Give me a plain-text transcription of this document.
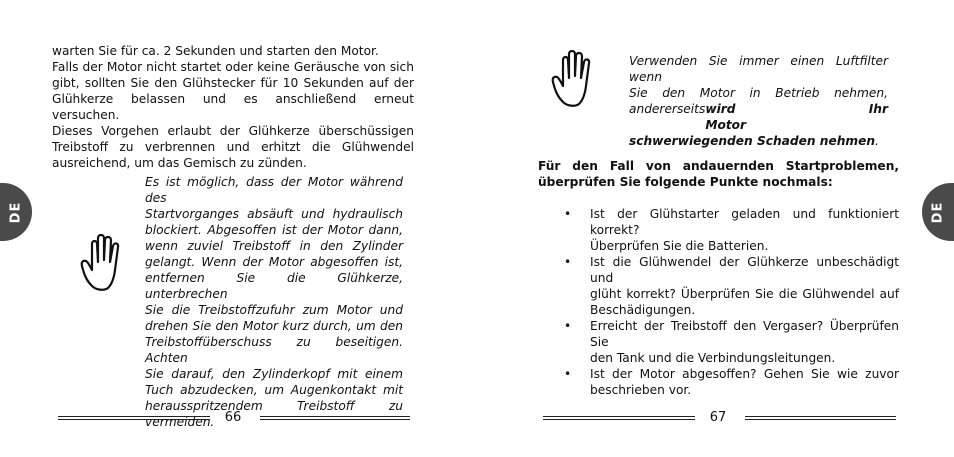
warten Sie für ca. 2 Sekunden und starten den Motor.
Falls der Motor nicht startet oder keine Geräusche von sich
gibt, sollten Sie den Glühstecker für 10 Sekunden auf der
Glühkerze belassen und es anschließend erneut versuchen.
Dieses Vorgehen erlaubt der Glühkerze überschüssigen
Treibstoff zu verbrennen und erhitzt die Glühwendel
ausreichend, um das Gemisch zu zünden.
Es ist möglich, dass der Motor während des
Startvorganges absäuft und hydraulisch
blockiert. Abgesoffen ist der Motor dann,
wenn zuviel Treibstoff in den Zylinder
gelangt. Wenn der Motor abgesoffen ist,
entfernen Sie die Glühkerze, unterbrechen
Sie die Treibstoffzufuhr zum Motor und
drehen Sie den Motor kurz durch, um den
Treibstoffüberschuss zu beseitigen. Achten
Sie darauf, den Zylinderkopf mit einem
Tuch abzudecken, um Augenkontakt mit
herausspritzendem Treibstoff zu vermeiden. 66
DE
Verwenden Sie immer einen Luftfilter wenn
Sie den Motor in Betrieb nehmen,
andererseits wird Ihr Motor
schwerwiegenden Schaden nehmen.
Für den Fall von andauernden Startproblemen,
überprüfen Sie folgende Punkte nochmals:
• Ist der Glühstarter geladen und funktioniert korrekt?
Überprüfen Sie die Batterien.
• Ist die Glühwendel der Glühkerze unbeschädigt und
glüht korrekt? Überprüfen Sie die Glühwendel auf
Beschädigungen.
• Erreicht der Treibstoff den Vergaser? Überprüfen Sie
den Tank und die Verbindungsleitungen.
• Ist der Motor abgesoffen? Gehen Sie wie zuvor
beschrieben vor.
67
DE
